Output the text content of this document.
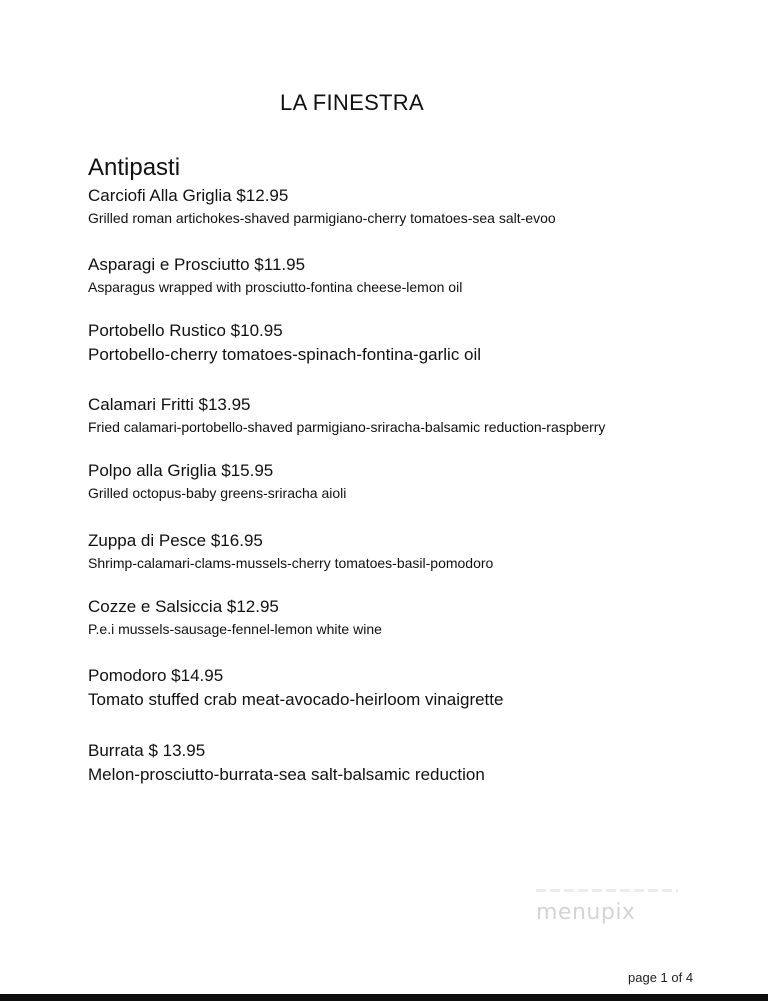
LA FINESTRA
Antipasti
Carciofi Alla Griglia $12.95
Grilled roman artichokes-shaved parmigiano-cherry tomatoes-sea salt-evoo
Asparagi e Prosciutto $11.95
Asparagus wrapped with prosciutto-fontina cheese-lemon oil
Portobello Rustico $10.95
Portobello-cherry tomatoes-spinach-fontina-garlic oil
Calamari Fritti $13.95
Fried calamari-portobello-shaved parmigiano-sriracha-balsamic reduction-raspberry
Polpo alla Griglia $15.95
Grilled octopus-baby greens-sriracha aioli
Zuppa di Pesce $16.95
Shrimp-calamari-clams-mussels-cherry tomatoes-basil-pomodoro
Cozze e Salsiccia $12.95
P.e.i mussels-sausage-fennel-lemon white wine
Pomodoro $14.95
Tomato stuffed crab meat-avocado-heirloom vinaigrette
Burrata $ 13.95
Melon-prosciutto-burrata-sea salt-balsamic reduction
menupix
page 1 of 4
